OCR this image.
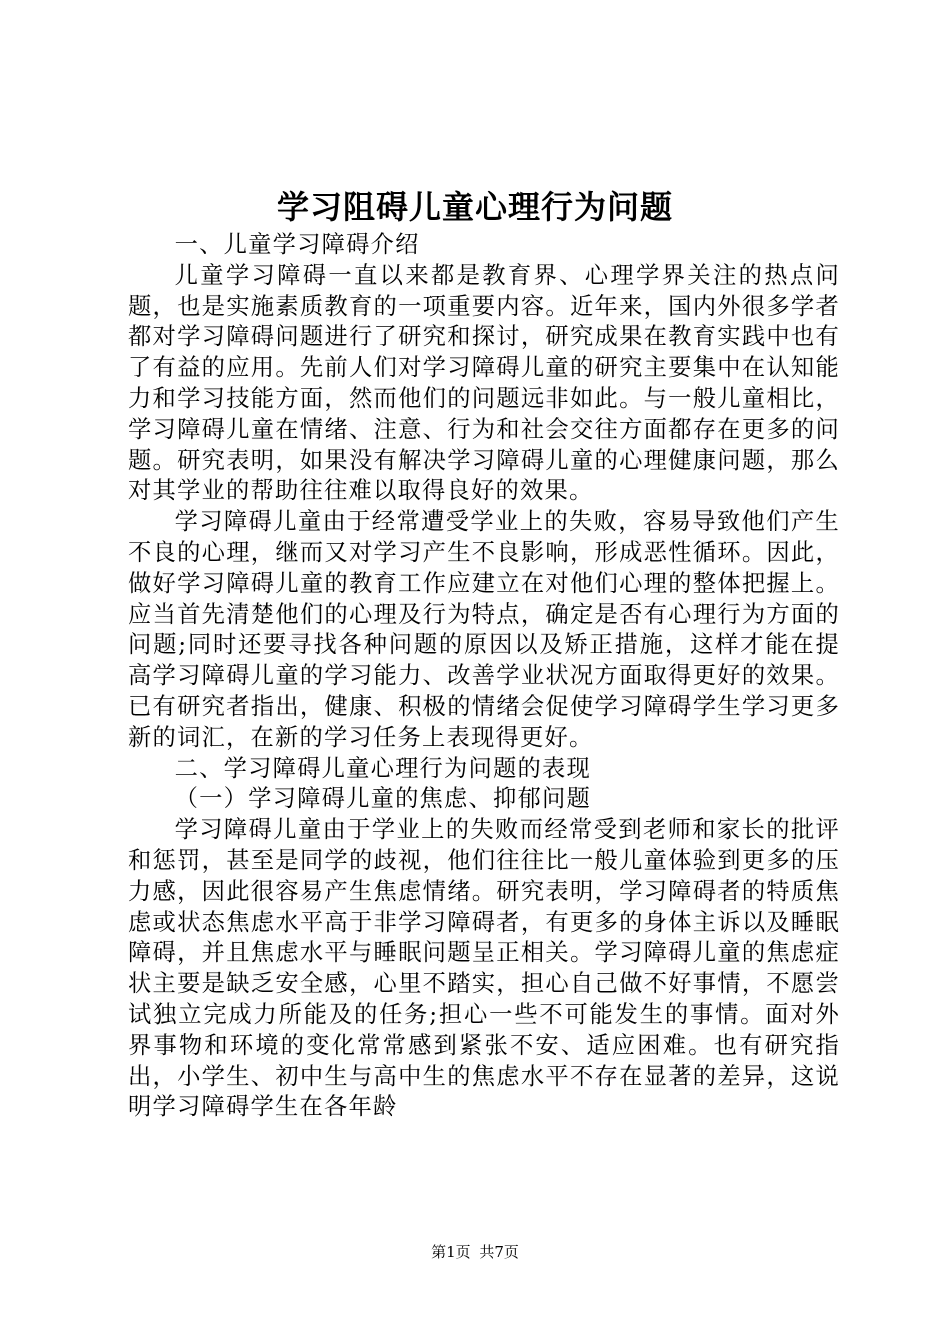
学习阻碍儿童心理行为问题

一、儿童学习障碍介绍

儿童学习障碍一直以来都是教育界、心理学界关注的热点问题，也是实施素质教育的一项重要内容。近年来，国内外很多学者都对学习障碍问题进行了研究和探讨，研究成果在教育实践中也有了有益的应用。先前人们对学习障碍儿童的研究主要集中在认知能力和学习技能方面，然而他们的问题远非如此。与一般儿童相比，学习障碍儿童在情绪、注意、行为和社会交往方面都存在更多的问题。研究表明，如果没有解决学习障碍儿童的心理健康问题，那么对其学业的帮助往往难以取得良好的效果。

学习障碍儿童由于经常遭受学业上的失败，容易导致他们产生不良的心理，继而又对学习产生不良影响，形成恶性循环。因此，做好学习障碍儿童的教育工作应建立在对他们心理的整体把握上。应当首先清楚他们的心理及行为特点，确定是否有心理行为方面的问题;同时还要寻找各种问题的原因以及矫正措施，这样才能在提高学习障碍儿童的学习能力、改善学业状况方面取得更好的效果。已有研究者指出，健康、积极的情绪会促使学习障碍学生学习更多新的词汇，在新的学习任务上表现得更好。

二、学习障碍儿童心理行为问题的表现

（一）学习障碍儿童的焦虑、抑郁问题

学习障碍儿童由于学业上的失败而经常受到老师和家长的批评和惩罚，甚至是同学的歧视，他们往往比一般儿童体验到更多的压力感，因此很容易产生焦虑情绪。研究表明，学习障碍者的特质焦虑或状态焦虑水平高于非学习障碍者，有更多的身体主诉以及睡眠障碍，并且焦虑水平与睡眠问题呈正相关。学习障碍儿童的焦虑症状主要是缺乏安全感，心里不踏实，担心自己做不好事情，不愿尝试独立完成力所能及的任务;担心一些不可能发生的事情。面对外界事物和环境的变化常常感到紧张不安、适应困难。也有研究指出，小学生、初中生与高中生的焦虑水平不存在显著的差异，这说明学习障碍学生在各年龄

第1页 共7页
